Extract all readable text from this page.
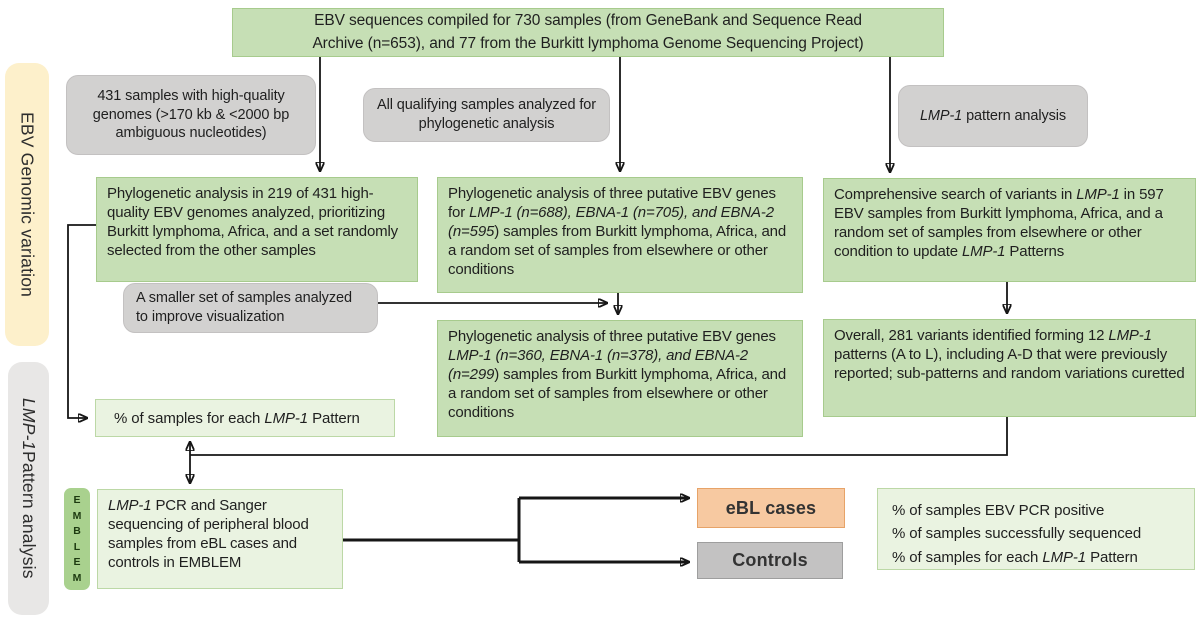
EBV Genomic variation
LMP-1
Pattern analysis
EBV sequences compiled for 730 samples (from GeneBank and Sequence Read
Archive (n=653), and 77 from the Burkitt lymphoma Genome Sequencing Project)
431 samples with high-quality genomes (>170 kb & <2000 bp ambiguous nucleotides)
All qualifying samples analyzed for phylogenetic analysis
LMP-1 pattern analysis
Phylogenetic analysis in 219 of 431 high-quality EBV genomes analyzed, prioritizing Burkitt lymphoma, Africa, and a set randomly selected from the other samples
Phylogenetic analysis of three putative EBV genes for LMP-1 (n=688), EBNA-1 (n=705), and EBNA-2 (n=595) samples from Burkitt lymphoma, Africa, and a random set of samples from elsewhere or other conditions
Comprehensive search of variants in LMP-1 in 597 EBV samples from Burkitt lymphoma, Africa, and a random set of samples from elsewhere or other condition to update LMP-1 Patterns
A smaller set of samples analyzed to improve visualization
Phylogenetic analysis of three putative EBV genes LMP-1 (n=360, EBNA-1 (n=378), and EBNA-2 (n=299) samples from Burkitt lymphoma, Africa, and a random set of samples from elsewhere or other conditions
Overall, 281 variants identified forming 12 LMP-1 patterns (A to L), including A-D that were previously reported; sub-patterns and random variations curetted
% of samples for each LMP-1 Pattern
E
M
B
L
E
M
LMP-1 PCR and Sanger sequencing of peripheral blood samples from eBL cases and controls in EMBLEM
eBL cases
Controls
% of samples EBV PCR positive
% of samples successfully sequenced
% of samples for each LMP-1 Pattern
